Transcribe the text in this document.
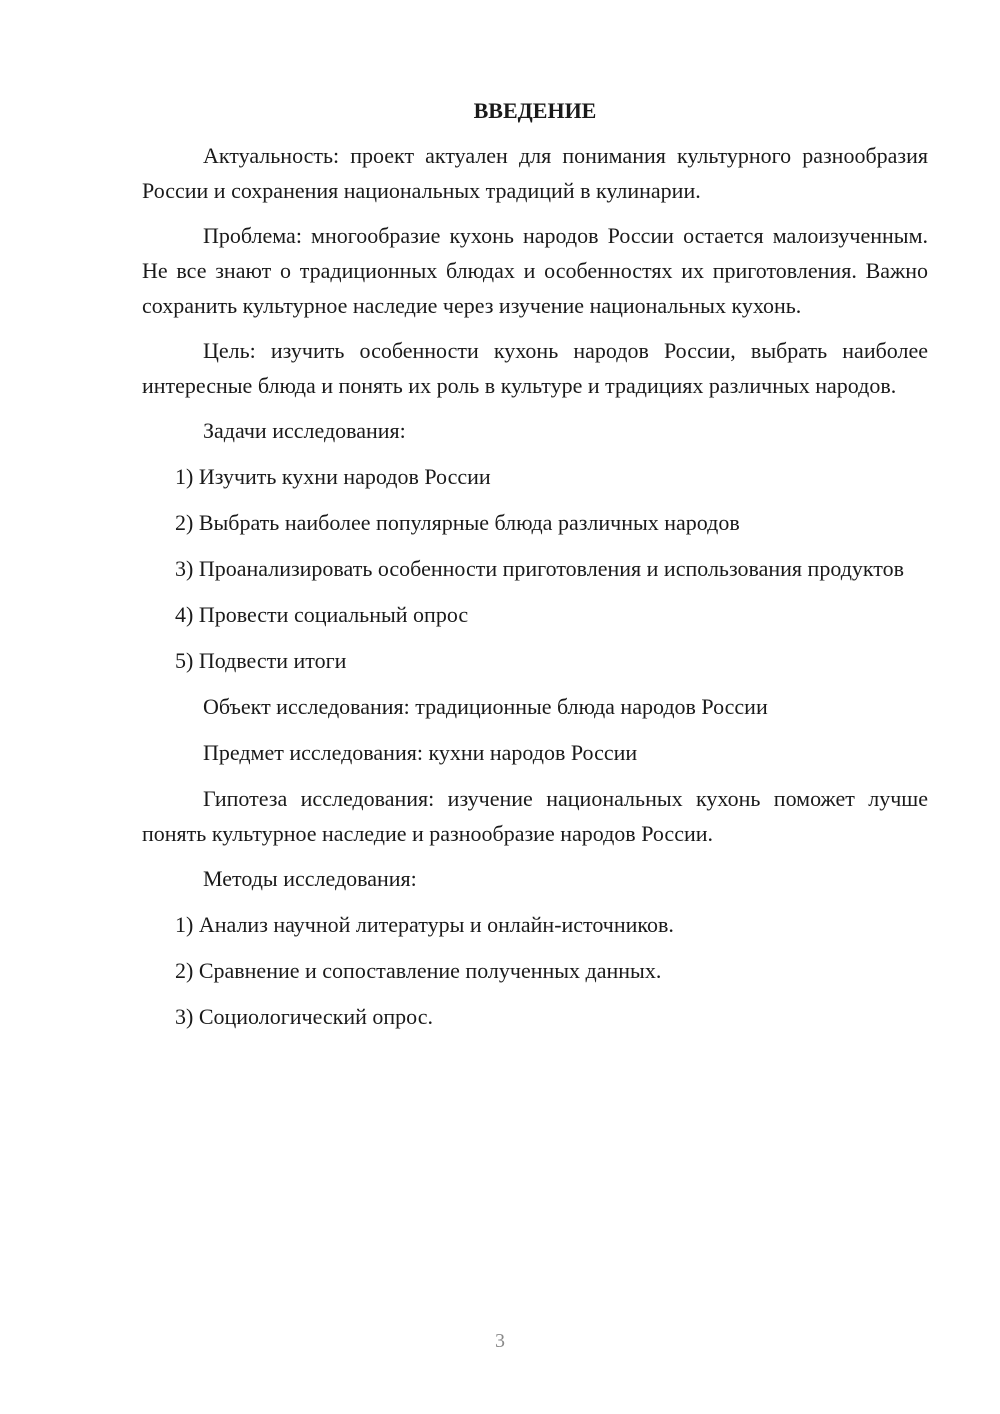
ВВЕДЕНИЕ

Актуальность: проект актуален для понимания культурного разнообразия России и сохранения национальных традиций в кулинарии.

Проблема: многообразие кухонь народов России остается малоизученным. Не все знают о традиционных блюдах и особенностях их приготовления. Важно сохранить культурное наследие через изучение национальных кухонь.

Цель: изучить особенности кухонь народов России, выбрать наиболее интересные блюда и понять их роль в культуре и традициях различных народов.

Задачи исследования:

1) Изучить кухни народов России

2) Выбрать наиболее популярные блюда различных народов

3) Проанализировать особенности приготовления и использования продуктов

4) Провести социальный опрос

5) Подвести итоги

Объект исследования: традиционные блюда народов России

Предмет исследования: кухни народов России

Гипотеза исследования: изучение национальных кухонь поможет лучше понять культурное наследие и разнообразие народов России.

Методы исследования:

1) Анализ научной литературы и онлайн-источников.

2) Сравнение и сопоставление полученных данных.

3) Социологический опрос.

3
